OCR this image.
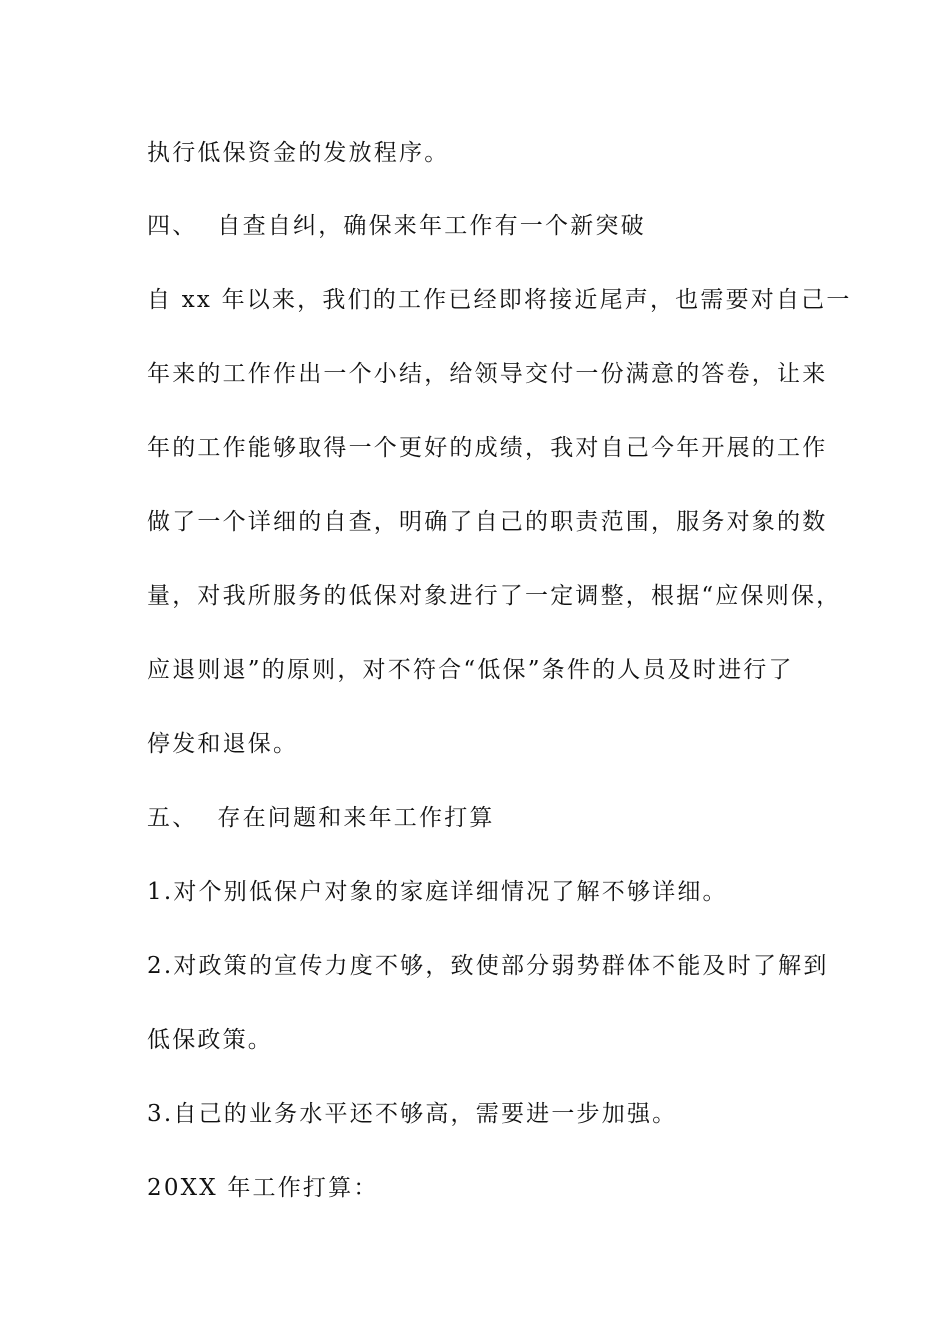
执行低保资金的发放程序。
四、 自查自纠，确保来年工作有一个新突破
自 xx 年以来，我们的工作已经即将接近尾声，也需要对自己一
年来的工作作出一个小结，给领导交付一份满意的答卷，让来
年的工作能够取得一个更好的成绩，我对自己今年开展的工作
做了一个详细的自查，明确了自己的职责范围，服务对象的数
量，对我所服务的低保对象进行了一定调整，根据“应保则保，
应退则退”的原则，对不符合“低保”条件的人员及时进行了
停发和退保。
五、 存在问题和来年工作打算
1.对个别低保户对象的家庭详细情况了解不够详细。
2.对政策的宣传力度不够，致使部分弱势群体不能及时了解到
低保政策。
3.自己的业务水平还不够高，需要进一步加强。
20XX 年工作打算：
